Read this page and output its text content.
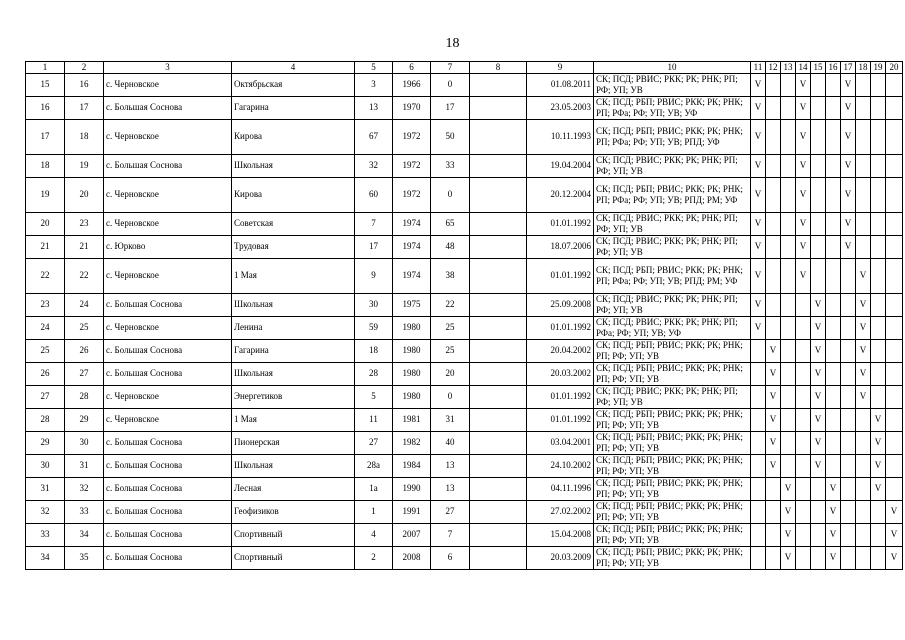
18
1	2	3	4	5	6	7	8	9	10	11	12	13	14	15	16	17	18	19	20
15	16	с. Черновское	Октябрьская	3	1966	0		01.08.2011	СК; ПСД; РВИС; РКК; РК; РНК; РП; РФ; УП; УВ	V			V			V			
16	17	с. Большая Соснова	Гагарина	13	1970	17		23.05.2003	СК; ПСД; РБП; РВИС; РКК; РК; РНК; РП; РФа; РФ; УП; УВ; УФ	V			V			V			
17	18	с. Черновское	Кирова	67	1972	50		10.11.1993	СК; ПСД; РБП; РВИС; РКК; РК; РНК; РП; РФа; РФ; УП; УВ; РПД; УФ	V			V			V			
18	19	с. Большая Соснова	Школьная	32	1972	33		19.04.2004	СК; ПСД; РВИС; РКК; РК; РНК; РП; РФ; УП; УВ	V			V			V			
19	20	с. Черновское	Кирова	60	1972	0		20.12.2004	СК; ПСД; РБП; РВИС; РКК; РК; РНК; РП; РФа; РФ; УП; УВ; РПД; РМ; УФ	V			V			V			
20	23	с. Черновское	Советская	7	1974	65		01.01.1992	СК; ПСД; РВИС; РКК; РК; РНК; РП; РФ; УП; УВ	V			V			V			
21	21	с. Юрково	Трудовая	17	1974	48		18.07.2006	СК; ПСД; РВИС; РКК; РК; РНК; РП; РФ; УП; УВ	V			V			V			
22	22	с. Черновское	1 Мая	9	1974	38		01.01.1992	СК; ПСД; РБП; РВИС; РКК; РК; РНК; РП; РФа; РФ; УП; УВ; РПД; РМ; УФ	V			V				V		
23	24	с. Большая Соснова	Школьная	30	1975	22		25.09.2008	СК; ПСД; РВИС; РКК; РК; РНК; РП; РФ; УП; УВ	V				V			V		
24	25	с. Черновское	Ленина	59	1980	25		01.01.1992	СК; ПСД; РВИС; РКК; РК; РНК; РП; РФа; РФ; УП; УВ; УФ	V				V			V		
25	26	с. Большая Соснова	Гагарина	18	1980	25		20.04.2002	СК; ПСД; РБП; РВИС; РКК; РК; РНК; РП; РФ; УП; УВ		V			V			V		
26	27	с. Большая Соснова	Школьная	28	1980	20		20.03.2002	СК; ПСД; РБП; РВИС; РКК; РК; РНК; РП; РФ; УП; УВ		V			V			V		
27	28	с. Черновское	Энергетиков	5	1980	0		01.01.1992	СК; ПСД; РВИС; РКК; РК; РНК; РП; РФ; УП; УВ		V			V			V		
28	29	с. Черновское	1 Мая	11	1981	31		01.01.1992	СК; ПСД; РБП; РВИС; РКК; РК; РНК; РП; РФ; УП; УВ		V			V				V	
29	30	с. Большая Соснова	Пионерская	27	1982	40		03.04.2001	СК; ПСД; РБП; РВИС; РКК; РК; РНК; РП; РФ; УП; УВ		V			V				V	
30	31	с. Большая Соснова	Школьная	28а	1984	13		24.10.2002	СК; ПСД; РБП; РВИС; РКК; РК; РНК; РП; РФ; УП; УВ		V			V				V	
31	32	с. Большая Соснова	Лесная	1а	1990	13		04.11.1996	СК; ПСД; РБП; РВИС; РКК; РК; РНК; РП; РФ; УП; УВ			V			V			V	
32	33	с. Большая Соснова	Геофизиков	1	1991	27		27.02.2002	СК; ПСД; РБП; РВИС; РКК; РК; РНК; РП; РФ; УП; УВ			V			V				V
33	34	с. Большая Соснова	Спортивный	4	2007	7		15.04.2008	СК; ПСД; РБП; РВИС; РКК; РК; РНК; РП; РФ; УП; УВ			V			V				V
34	35	с. Большая Соснова	Спортивный	2	2008	6		20.03.2009	СК; ПСД; РБП; РВИС; РКК; РК; РНК; РП; РФ; УП; УВ			V			V				V
